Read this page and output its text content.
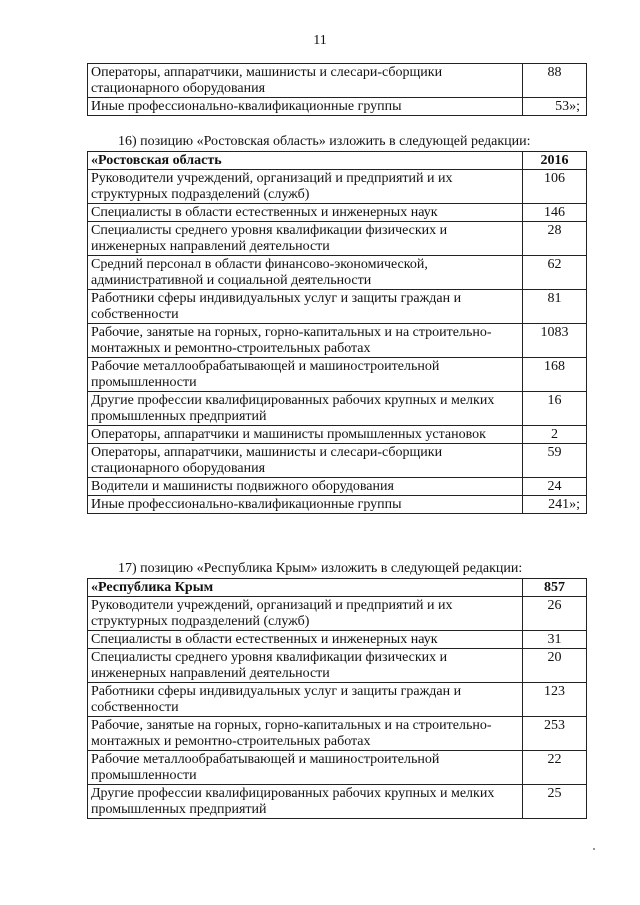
11
Операторы, аппаратчики, машинисты и слесари-сборщики стационарного оборудования	88
Иные профессионально-квалификационные группы	53»;
16) позицию «Ростовская область» изложить в следующей редакции:
«Ростовская область	2016
Руководители учреждений, организаций и предприятий и их структурных подразделений (служб)	106
Специалисты в области естественных и инженерных наук	146
Специалисты среднего уровня квалификации физических и инженерных направлений деятельности	28
Средний персонал в области финансово-экономической, административной и социальной деятельности	62
Работники сферы индивидуальных услуг и защиты граждан и собственности	81
Рабочие, занятые на горных, горно-капитальных и на строительно-монтажных и ремонтно-строительных работах	1083
Рабочие металлообрабатывающей и машиностроительной промышленности	168
Другие профессии квалифицированных рабочих крупных и мелких промышленных предприятий	16
Операторы, аппаратчики и машинисты промышленных установок	2
Операторы, аппаратчики, машинисты и слесари-сборщики стационарного оборудования	59
Водители и машинисты подвижного оборудования	24
Иные профессионально-квалификационные группы	241»;
17) позицию «Республика Крым» изложить в следующей редакции:
«Республика Крым	857
Руководители учреждений, организаций и предприятий и их структурных подразделений (служб)	26
Специалисты в области естественных и инженерных наук	31
Специалисты среднего уровня квалификации физических и инженерных направлений деятельности	20
Работники сферы индивидуальных услуг и защиты граждан и собственности	123
Рабочие, занятые на горных, горно-капитальных и на строительно-монтажных и ремонтно-строительных работах	253
Рабочие металлообрабатывающей и машиностроительной промышленности	22
Другие профессии квалифицированных рабочих крупных и мелких промышленных предприятий	25
